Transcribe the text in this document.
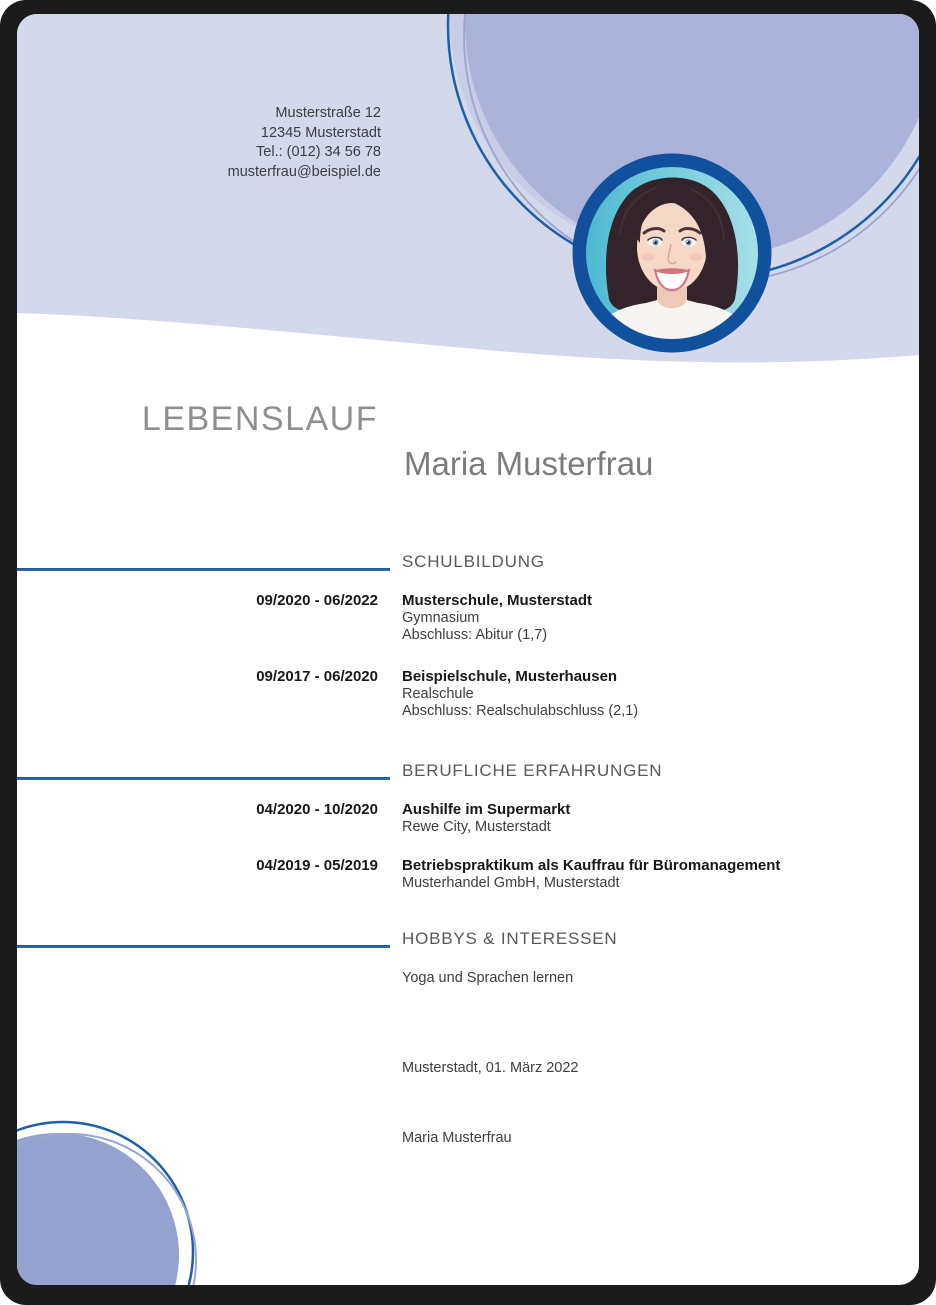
Musterstraße 12
12345 Musterstadt
Tel.: (012) 34 56 78
musterfrau@beispiel.de
LEBENSLAUF
Maria Musterfrau
SCHULBILDUNG
09/2020 - 06/2022 Musterschule, Musterstadt
Gymnasium
Abschluss: Abitur (1,7)
09/2017 - 06/2020 Beispielschule, Musterhausen
Realschule
Abschluss: Realschulabschluss (2,1)
BERUFLICHE ERFAHRUNGEN
04/2020 - 10/2020 Aushilfe im Supermarkt
Rewe City, Musterstadt
04/2019 - 05/2019 Betriebspraktikum als Kauffrau für Büromanagement
Musterhandel GmbH, Musterstadt
HOBBYS & INTERESSEN
Yoga und Sprachen lernen
Musterstadt, 01. März 2022
Maria Musterfrau
